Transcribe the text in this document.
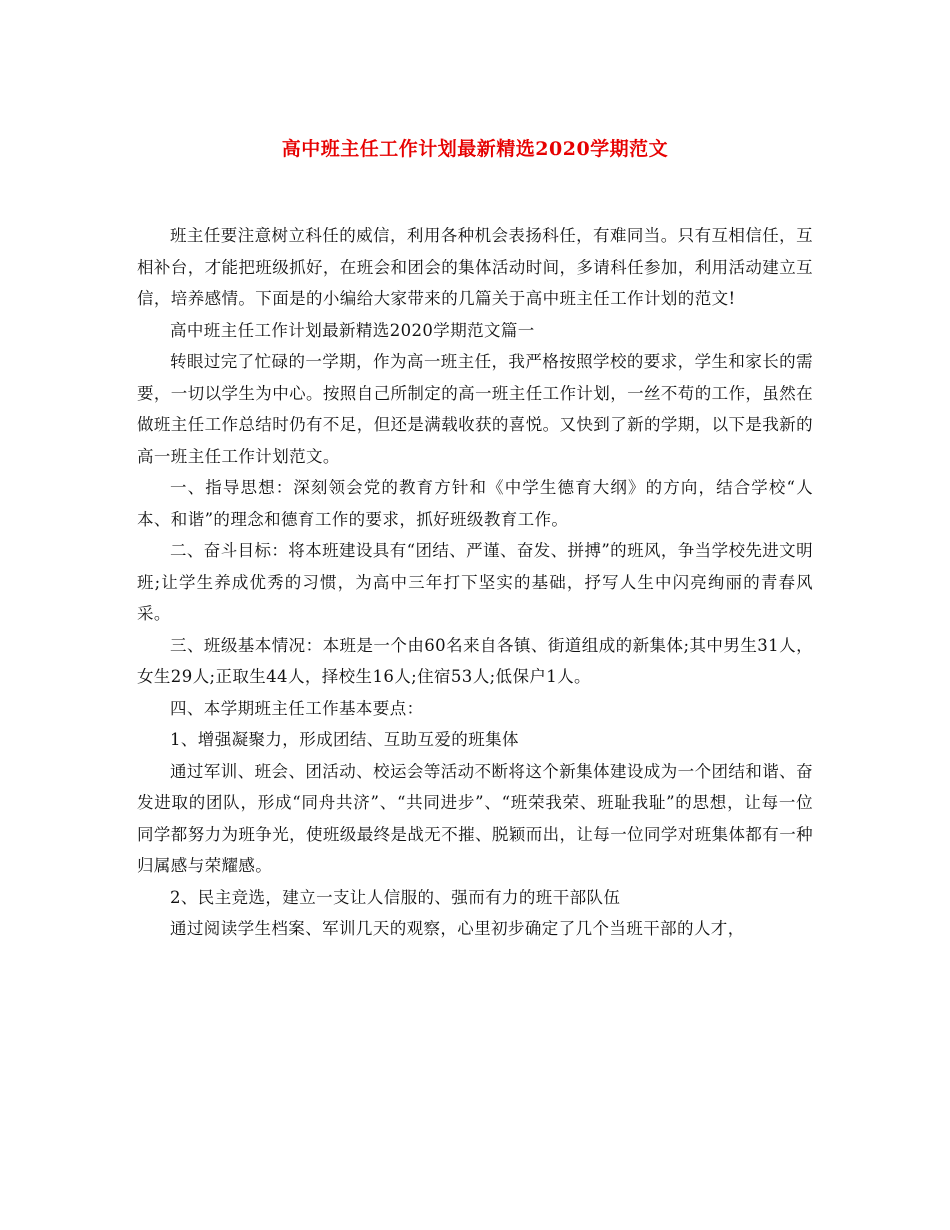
高中班主任工作计划最新精选2020学期范文

班主任要注意树立科任的威信，利用各种机会表扬科任，有难同当。只有互相信任，互相补台，才能把班级抓好，在班会和团会的集体活动时间，多请科任参加，利用活动建立互信，培养感情。下面是的小编给大家带来的几篇关于高中班主任工作计划的范文!

高中班主任工作计划最新精选2020学期范文篇一

转眼过完了忙碌的一学期，作为高一班主任，我严格按照学校的要求，学生和家长的需要，一切以学生为中心。按照自己所制定的高一班主任工作计划，一丝不苟的工作，虽然在做班主任工作总结时仍有不足，但还是满载收获的喜悦。又快到了新的学期，以下是我新的高一班主任工作计划范文。

一、指导思想：深刻领会党的教育方针和《中学生德育大纲》的方向，结合学校“人本、和谐”的理念和德育工作的要求，抓好班级教育工作。

二、奋斗目标：将本班建设具有“团结、严谨、奋发、拼搏”的班风，争当学校先进文明班;让学生养成优秀的习惯，为高中三年打下坚实的基础，抒写人生中闪亮绚丽的青春风采。

三、班级基本情况：本班是一个由60名来自各镇、街道组成的新集体;其中男生31人，女生29人;正取生44人，择校生16人;住宿53人;低保户1人。

四、本学期班主任工作基本要点：

1、增强凝聚力，形成团结、互助互爱的班集体

通过军训、班会、团活动、校运会等活动不断将这个新集体建设成为一个团结和谐、奋发进取的团队，形成“同舟共济”、“共同进步”、“班荣我荣、班耻我耻”的思想，让每一位同学都努力为班争光，使班级最终是战无不摧、脱颖而出，让每一位同学对班集体都有一种归属感与荣耀感。

2、民主竞选，建立一支让人信服的、强而有力的班干部队伍

通过阅读学生档案、军训几天的观察，心里初步确定了几个当班干部的人才，
